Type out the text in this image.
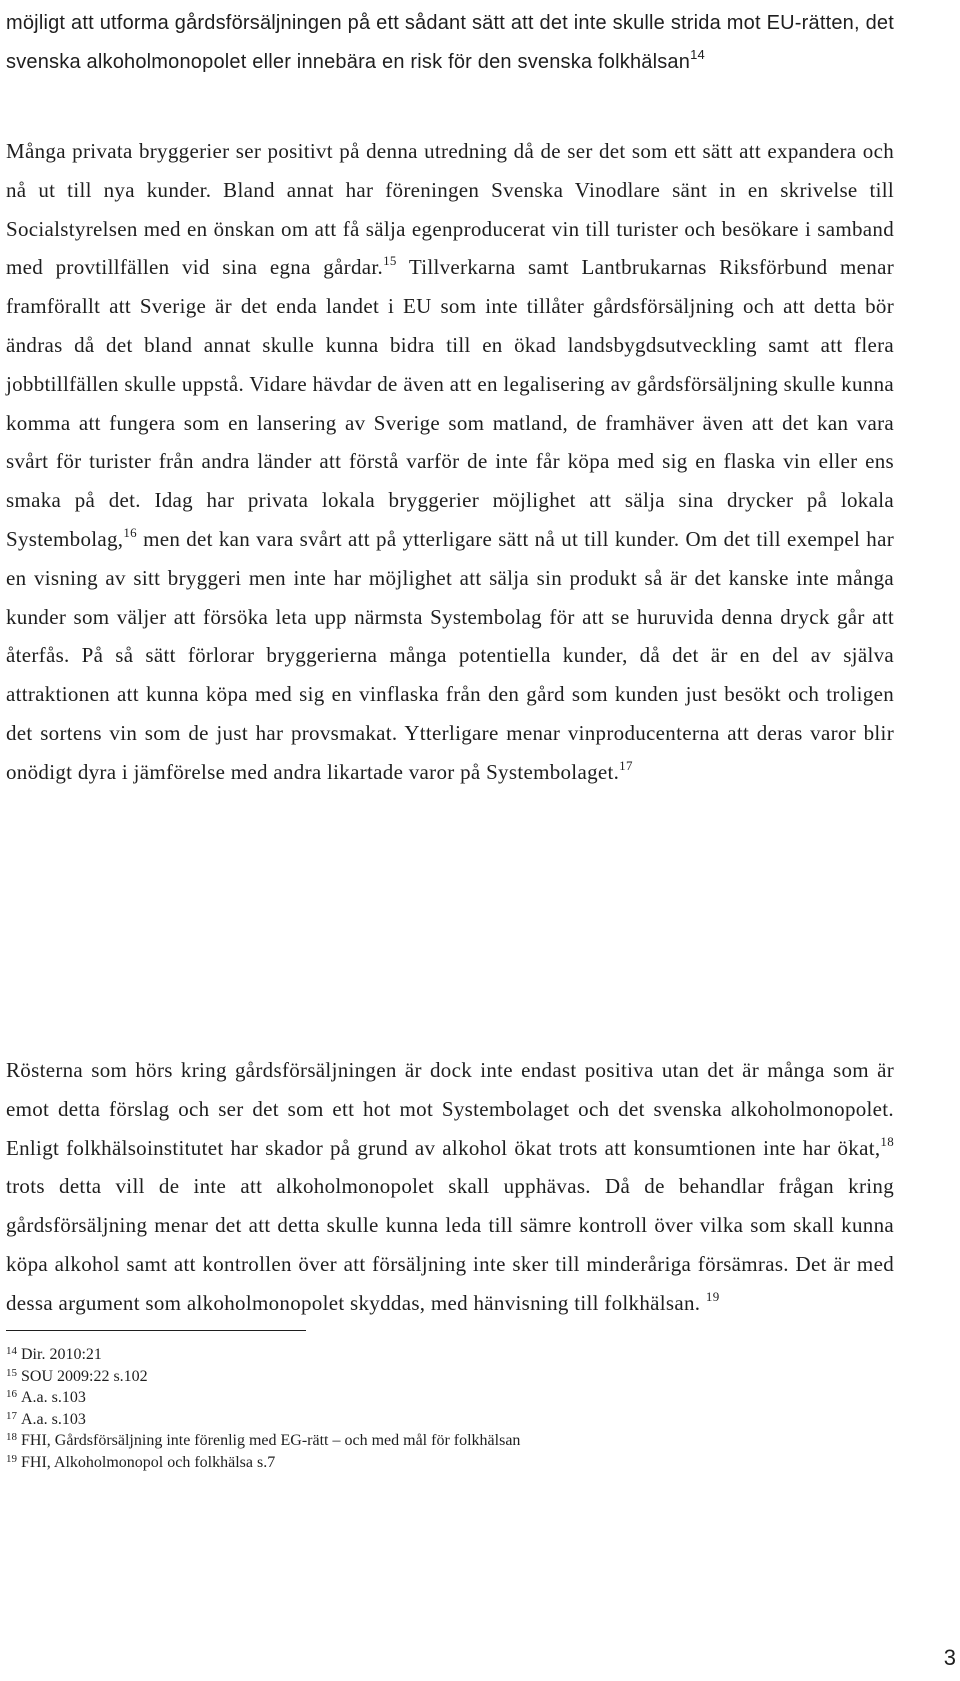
möjligt att utforma gårdsförsäljningen på ett sådant sätt att det inte skulle strida mot EU-rätten, det svenska alkoholmonopolet eller innebära en risk för den svenska folkhälsan$^{14}$

Många privata bryggerier ser positivt på denna utredning då de ser det som ett sätt att expandera och nå ut till nya kunder. Bland annat har föreningen Svenska Vinodlare sänt in en skrivelse till Socialstyrelsen med en önskan om att få sälja egenproducerat vin till turister och besökare i samband med provtillfällen vid sina egna gårdar.$^{15}$ Tillverkarna samt Lantbrukarnas Riksförbund menar framförallt att Sverige är det enda landet i EU som inte tillåter gårdsförsäljning och att detta bör ändras då det bland annat skulle kunna bidra till en ökad landsbygdsutveckling samt att flera jobbtillfällen skulle uppstå. Vidare hävdar de även att en legalisering av gårdsförsäljning skulle kunna komma att fungera som en lansering av Sverige som matland, de framhäver även att det kan vara svårt för turister från andra länder att förstå varför de inte får köpa med sig en flaska vin eller ens smaka på det. Idag har privata lokala bryggerier möjlighet att sälja sina drycker på lokala Systembolag,$^{16}$ men det kan vara svårt att på ytterligare sätt nå ut till kunder. Om det till exempel har en visning av sitt bryggeri men inte har möjlighet att sälja sin produkt så är det kanske inte många kunder som väljer att försöka leta upp närmsta Systembolag för att se huruvida denna dryck går att återfås. På så sätt förlorar bryggerierna många potentiella kunder, då det är en del av själva attraktionen att kunna köpa med sig en vinflaska från den gård som kunden just besökt och troligen det sortens vin som de just har provsmakat. Ytterligare menar vinproducenterna att deras varor blir onödigt dyra i jämförelse med andra likartade varor på Systembolaget.$^{17}$

Rösterna som hörs kring gårdsförsäljningen är dock inte endast positiva utan det är många som är emot detta förslag och ser det som ett hot mot Systembolaget och det svenska alkoholmonopolet. Enligt folkhälsoinstitutet har skador på grund av alkohol ökat trots att konsumtionen inte har ökat,$^{18}$ trots detta vill de inte att alkoholmonopolet skall upphävas. Då de behandlar frågan kring gårdsförsäljning menar det att detta skulle kunna leda till sämre kontroll över vilka som skall kunna köpa alkohol samt att kontrollen över att försäljning inte sker till minderåriga försämras. Det är med dessa argument som alkoholmonopolet skyddas, med hänvisning till folkhälsan. $^{19}$

$^{14}$ Dir. 2010:21
$^{15}$ SOU 2009:22 s.102
$^{16}$ A.a. s.103
$^{17}$ A.a. s.103
$^{18}$ FHI, Gårdsförsäljning inte förenlig med EG-rätt – och med mål för folkhälsan
$^{19}$ FHI, Alkoholmonopol och folkhälsa s.7
3
